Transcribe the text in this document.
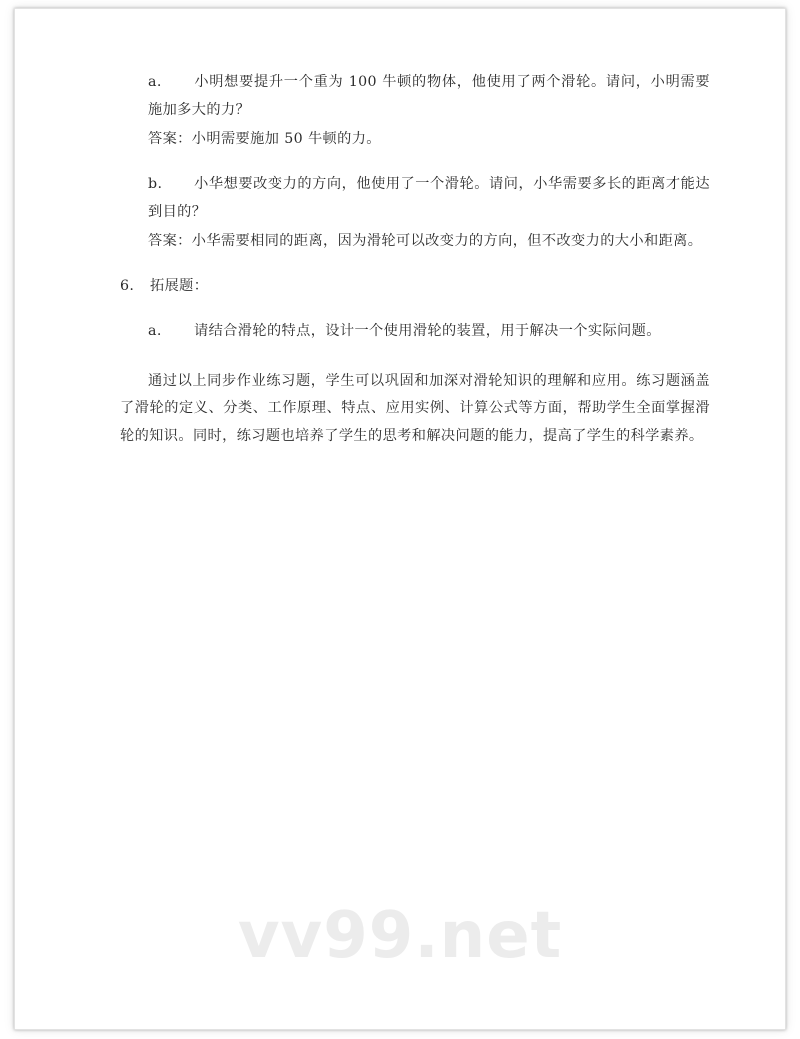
a. 小明想要提升一个重为 100 牛顿的物体，他使用了两个滑轮。请问，小明需要施加多大的力？

答案：小明需要施加 50 牛顿的力。

b. 小华想要改变力的方向，他使用了一个滑轮。请问，小华需要多长的距离才能达到目的？

答案：小华需要相同的距离，因为滑轮可以改变力的方向，但不改变力的大小和距离。

6. 拓展题：

a. 请结合滑轮的特点，设计一个使用滑轮的装置，用于解决一个实际问题。

通过以上同步作业练习题，学生可以巩固和加深对滑轮知识的理解和应用。练习题涵盖了滑轮的定义、分类、工作原理、特点、应用实例、计算公式等方面，帮助学生全面掌握滑轮的知识。同时，练习题也培养了学生的思考和解决问题的能力，提高了学生的科学素养。

vv99.net
